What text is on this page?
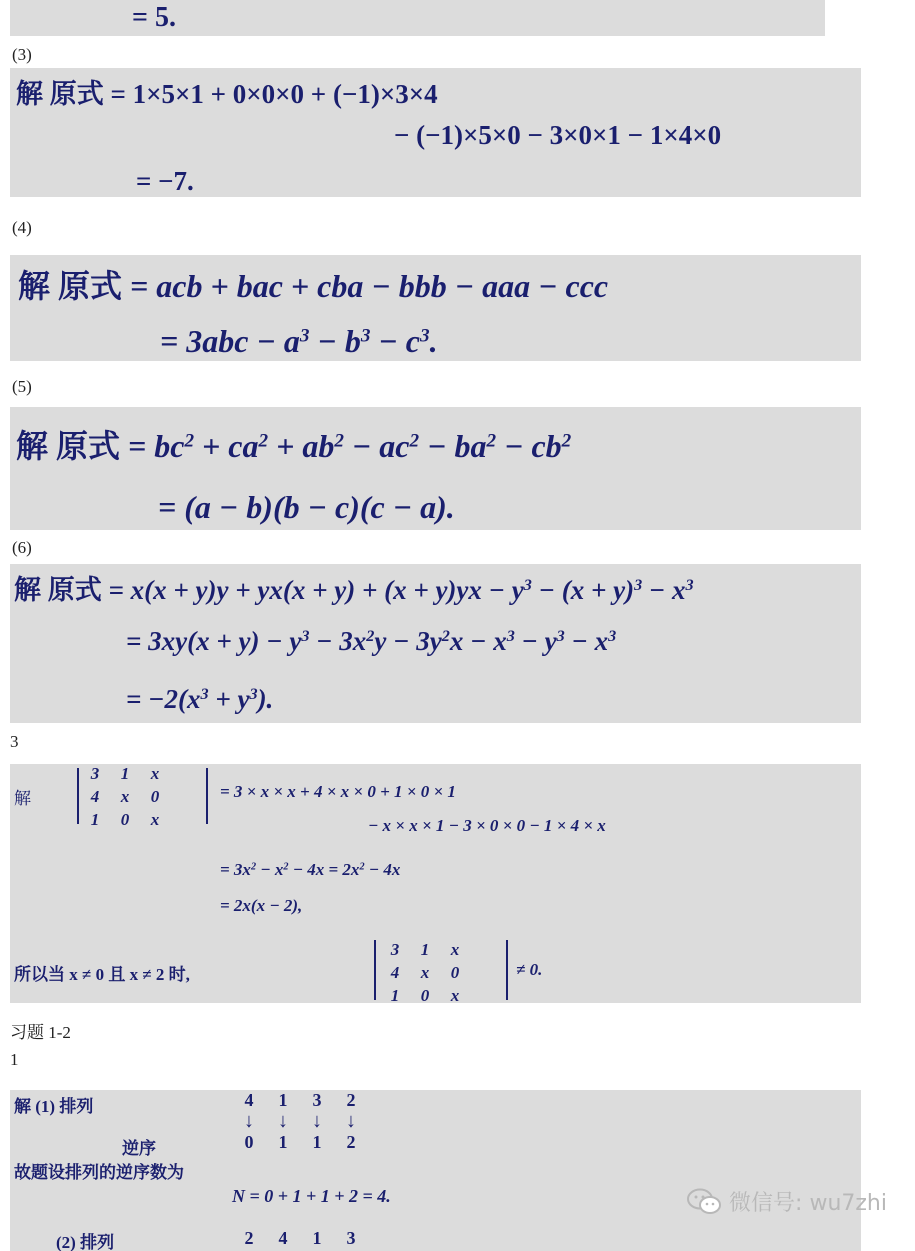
= 5.
(3)
解 原式 = 1×5×1 + 0×0×0 + (−1)×3×4
− (−1)×5×0 − 3×0×1 − 1×4×0
= −7.
(4)
解 原式 = acb + bac + cba − bbb − aaa − ccc
= $3abc - a^3 - b^3 - c^3$.
(5)
解 原式 = $bc^2 + ca^2 + ab^2 - ac^2 - ba^2 - cb^2$
= (a − b)(b − c)(c − a).
(6)
解 原式 = $x(x + y)y + yx(x + y) + (x + y)yx - y^3 - (x + y)^3 - x^3$
= $3xy(x + y) - y^3 - 3x^2y - 3y^2x - x^3 - y^3 - x^3$
= $-2(x^3 + y^3)$.
3
解
3 1 x
4 x 0
1 0 x
= 3 × x × x + 4 × x × 0 + 1 × 0 × 1
− x × x × 1 − 3 × 0 × 0 − 1 × 4 × x
= $3x^2 - x^2 - 4x = 2x^2 - 4x$
= 2x(x − 2),
所以当 x ≠ 0 且 x ≠ 2 时,
3 1 x
4 x 0
1 0 x
≠ 0.
习题 1-2
1
解 (1) 排列	4 1 3 2
↓ ↓ ↓ ↓
逆序	0 1 1 2
故题设排列的逆序数为
N = 0 + 1 + 1 + 2 = 4.
(2) 排列	2 4 1 3
微信号: wu7zhi
